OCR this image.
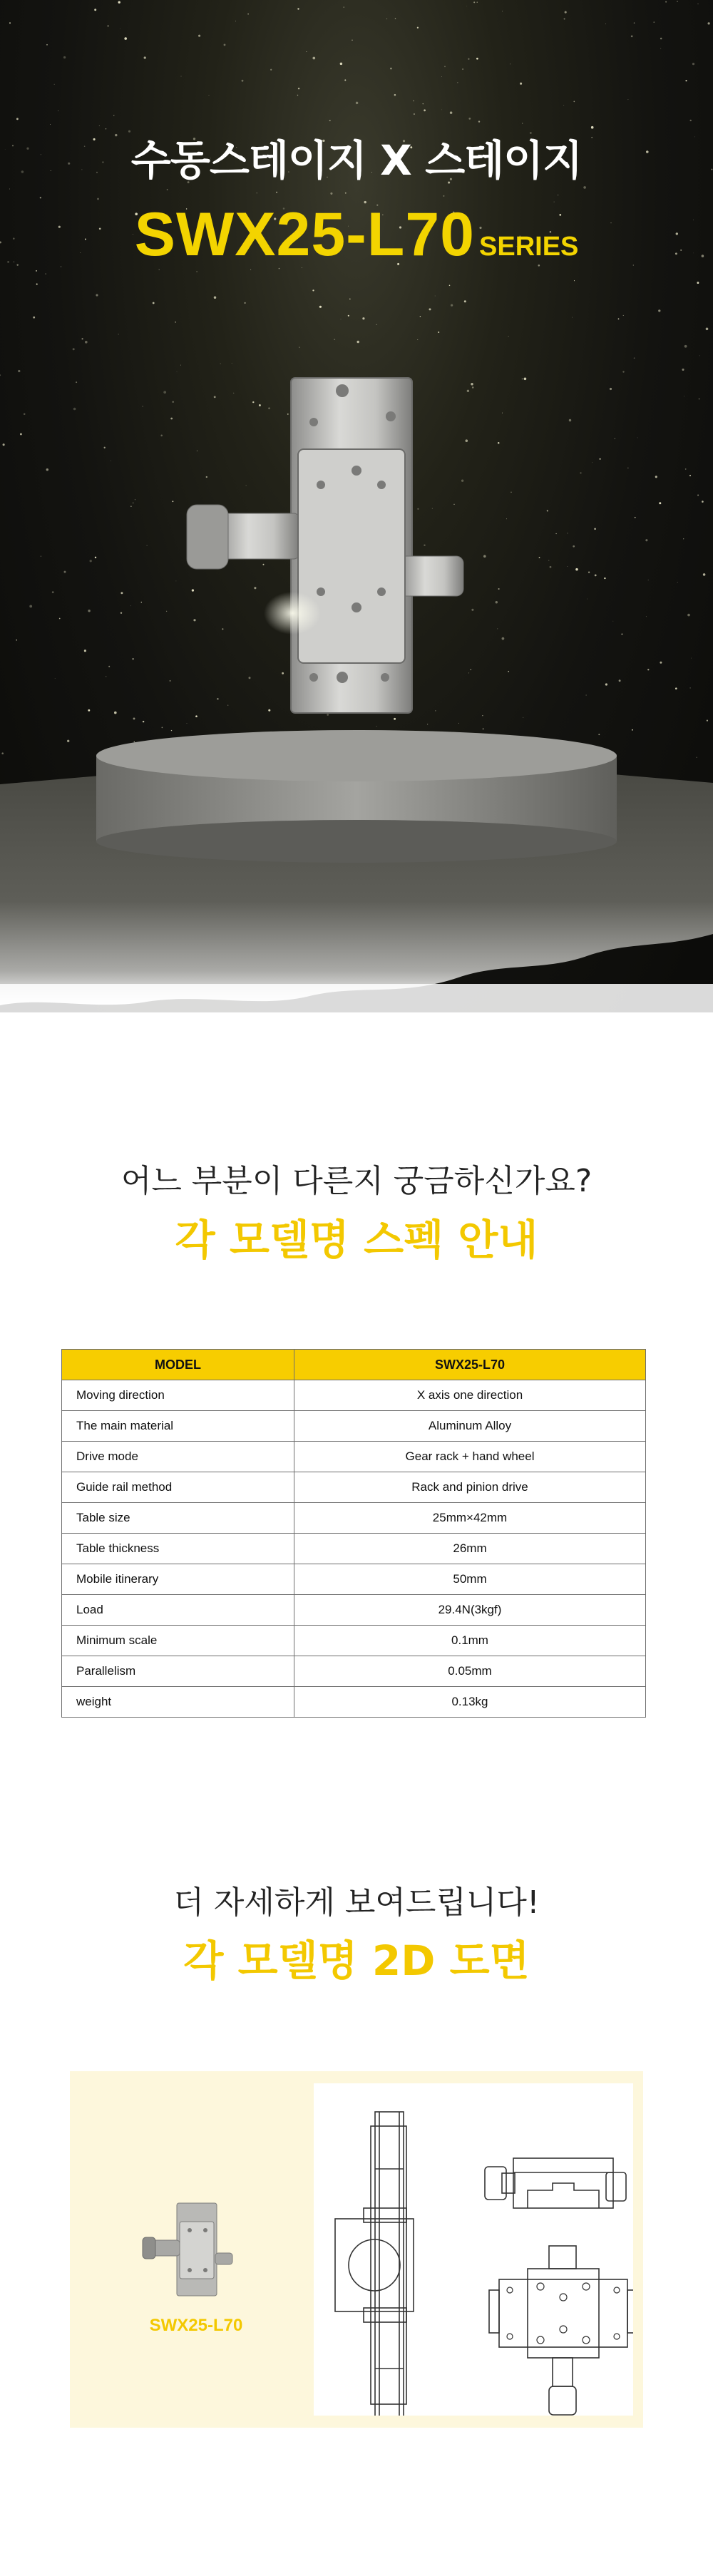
수동스테이지 X 스테이지
SWX25-L70 SERIES
어느 부분이 다른지 궁금하신가요?
각 모델명 스펙 안내
MODEL	SWX25-L70
Moving direction	X axis one direction
The main material	Aluminum Alloy
Drive mode	Gear rack + hand wheel
Guide rail method	Rack and pinion drive
Table size	25mm×42mm
Table thickness	26mm
Mobile itinerary	50mm
Load	29.4N(3kgf)
Minimum scale	0.1mm
Parallelism	0.05mm
weight	0.13kg
더 자세하게 보여드립니다!
각 모델명 2D 도면
SWX25-L70
